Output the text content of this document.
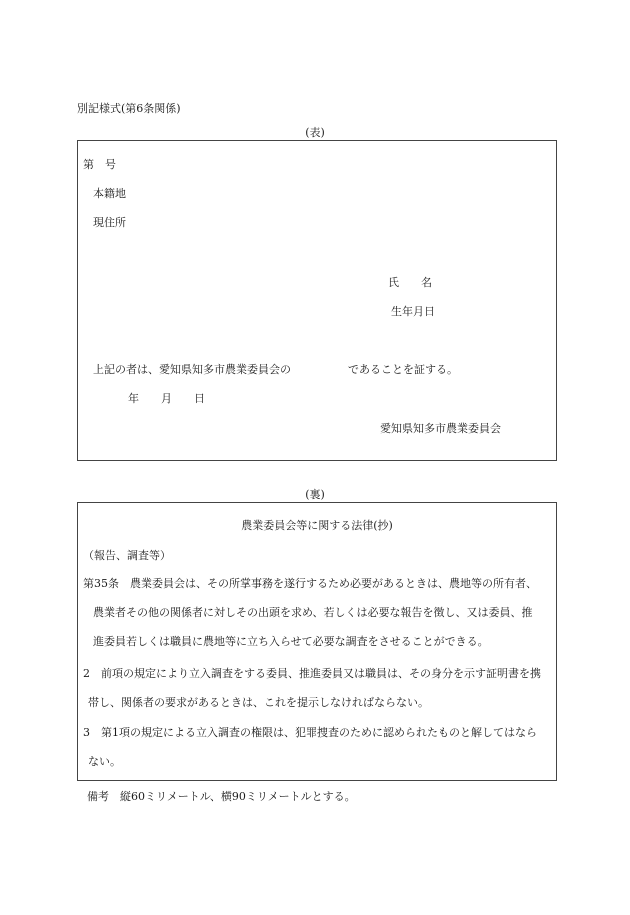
別記様式(第6条関係)
(表)
第　号
本籍地
現住所
氏　　名
生年月日
上記の者は、愛知県知多市農業委員会の	であることを証する。
年　　月　　日
愛知県知多市農業委員会
(裏)
農業委員会等に関する法律(抄)
（報告、調査等）
第35条　農業委員会は、その所掌事務を遂行するため必要があるときは、農地等の所有者、
農業者その他の関係者に対しその出頭を求め、若しくは必要な報告を徴し、又は委員、推
進委員若しくは職員に農地等に立ち入らせて必要な調査をさせることができる。
2　前項の規定により立入調査をする委員、推進委員又は職員は、その身分を示す証明書を携
帯し、関係者の要求があるときは、これを提示しなければならない。
3　第1項の規定による立入調査の権限は、犯罪捜査のために認められたものと解してはなら
ない。
備考　縦60ミリメートル、横90ミリメートルとする。
